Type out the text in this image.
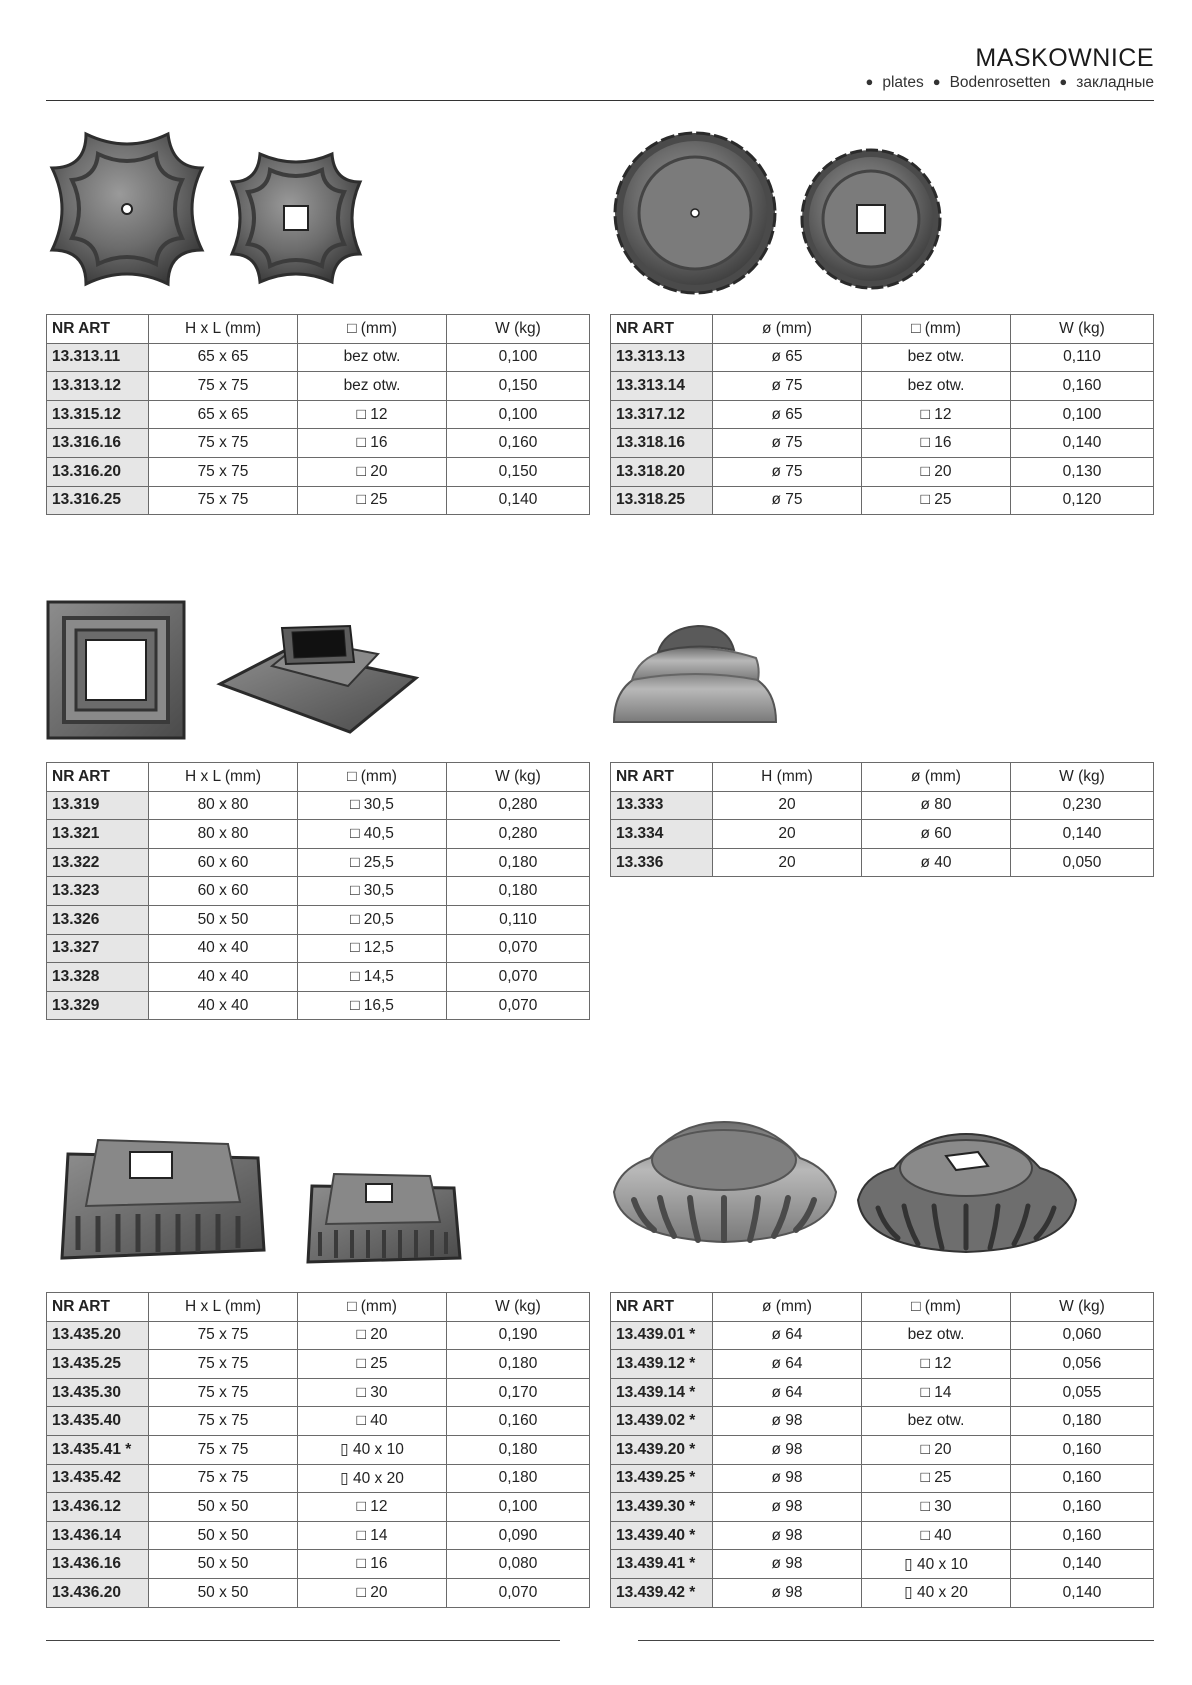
MASKOWNICE
● plates ● Bodenrosetten ● закладные
NR ART	H x L (mm)	□ (mm)	W (kg)
13.313.11	65 x 65	bez otw.	0,100
13.313.12	75 x 75	bez otw.	0,150
13.315.12	65 x 65	□ 12	0,100
13.316.16	75 x 75	□ 16	0,160
13.316.20	75 x 75	□ 20	0,150
13.316.25	75 x 75	□ 25	0,140
NR ART	ø (mm)	□ (mm)	W (kg)
13.313.13	ø 65	bez otw.	0,110
13.313.14	ø 75	bez otw.	0,160
13.317.12	ø 65	□ 12	0,100
13.318.16	ø 75	□ 16	0,140
13.318.20	ø 75	□ 20	0,130
13.318.25	ø 75	□ 25	0,120
NR ART	H x L (mm)	□ (mm)	W (kg)
13.319	80 x 80	□ 30,5	0,280
13.321	80 x 80	□ 40,5	0,280
13.322	60 x 60	□ 25,5	0,180
13.323	60 x 60	□ 30,5	0,180
13.326	50 x 50	□ 20,5	0,110
13.327	40 x 40	□ 12,5	0,070
13.328	40 x 40	□ 14,5	0,070
13.329	40 x 40	□ 16,5	0,070
NR ART	H (mm)	ø (mm)	W (kg)
13.333	20	ø 80	0,230
13.334	20	ø 60	0,140
13.336	20	ø 40	0,050
NR ART	H x L (mm)	□ (mm)	W (kg)
13.435.20	75 x 75	□ 20	0,190
13.435.25	75 x 75	□ 25	0,180
13.435.30	75 x 75	□ 30	0,170
13.435.40	75 x 75	□ 40	0,160
13.435.41 *	75 x 75	▯ 40 x 10	0,180
13.435.42	75 x 75	▯ 40 x 20	0,180
13.436.12	50 x 50	□ 12	0,100
13.436.14	50 x 50	□ 14	0,090
13.436.16	50 x 50	□ 16	0,080
13.436.20	50 x 50	□ 20	0,070
NR ART	ø (mm)	□ (mm)	W (kg)
13.439.01 *	ø 64	bez otw.	0,060
13.439.12 *	ø 64	□ 12	0,056
13.439.14 *	ø 64	□ 14	0,055
13.439.02 *	ø 98	bez otw.	0,180
13.439.20 *	ø 98	□ 20	0,160
13.439.25 *	ø 98	□ 25	0,160
13.439.30 *	ø 98	□ 30	0,160
13.439.40 *	ø 98	□ 40	0,160
13.439.41 *	ø 98	▯ 40 x 10	0,140
13.439.42 *	ø 98	▯ 40 x 20	0,140
